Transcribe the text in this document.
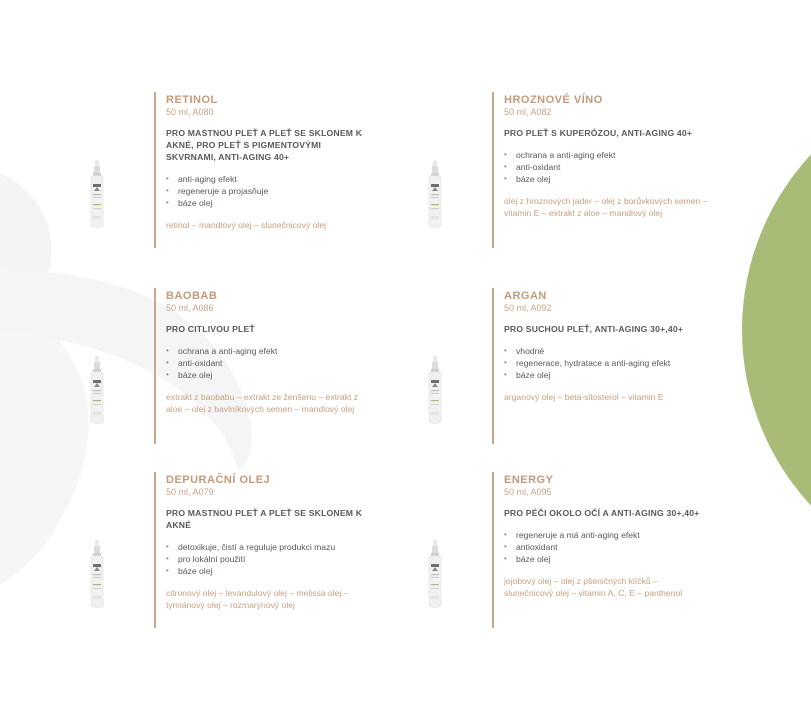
RETINOL
50 ml, A080
PRO MASTNOU PLEŤ A PLEŤ SE SKLONEM K AKNÉ, PRO PLEŤ S PIGMENTOVÝMI SKVRNAMI, ANTI-AGING 40+
• anti-aging efekt
• regeneruje a projasňuje
• báze olej
retinol – mandlový olej – slunečnicový olej
HROZNOVÉ VÍNO
50 ml, A082
PRO PLEŤ S KUPERÓZOU, ANTI-AGING 40+
• ochrana a anti-aging efekt
• anti-oxidant
• báze olej
olej z hroznových jader – olej z borůvkových semen – vitamin E – extrakt z aloe – mandlový olej
BAOBAB
50 ml, A086
PRO CITLIVOU PLEŤ
• ochrana a anti-aging efekt
• anti-oxidant
• báze olej
extrakt z baobabu – extrakt ze ženšenu – extrakt z aloe – olej z bavlníkových semen – mandlový olej
ARGAN
50 ml, A092
PRO SUCHOU PLEŤ, ANTI-AGING 30+,40+
• vhodné
• regenerace, hydratace a anti-aging efekt
• báze olej
arganový olej – beta-sitosterol – vitamin E
DEPURAČNÍ OLEJ
50 ml, A079
PRO MASTNOU PLEŤ A PLEŤ SE SKLONEM K AKNÉ
• detoxikuje, čistí a reguluje produkci mazu
• pro lokální použití
• báze olej
citronový olej – levandulový olej – melissa olej – tymiánový olej – rozmarýnový olej
ENERGY
50 ml, A095
PRO PÉČI OKOLO OČÍ A ANTI-AGING 30+,40+
• regeneruje a má anti-aging efekt
• antioxidant
• báze olej
jojobový olej – olej z pšeničných klíčků – slunečnicový olej – vitamin A, C, E – panthenol
